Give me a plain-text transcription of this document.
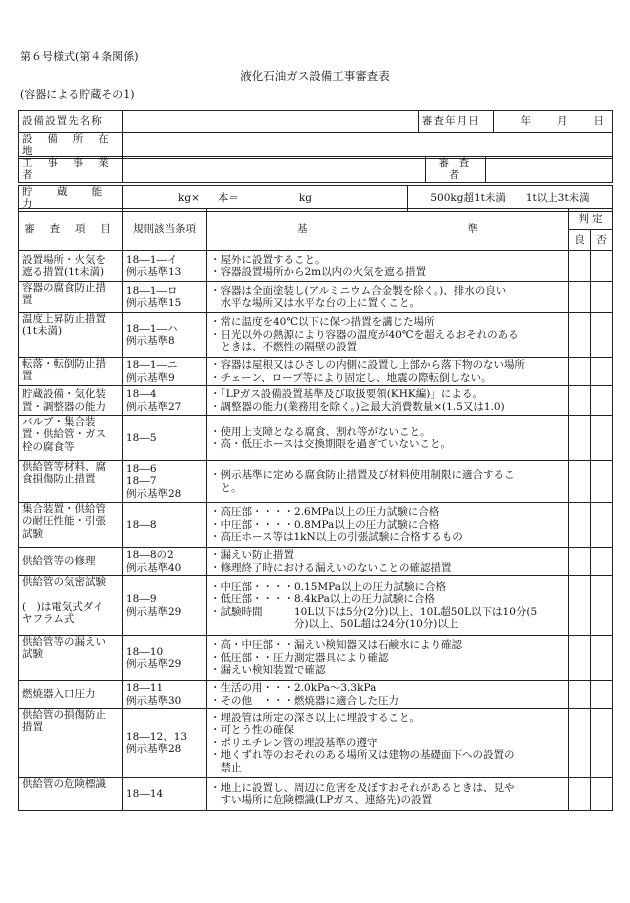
第６号様式(第４条関係)
液化石油ガス設備工事審査表
(容器による貯蔵その1)
設備設置先名称		審査年月日	年 月 日
設 備 所 在 地			
工 事 事 業 者		審 査 者	
貯 蔵 能 力	kg× 本＝	kg	500kg超1t未満 1t以上3t未満
審 査 項 目	規則該当条項	基 準	判 定	
			良	否

設置場所・火気を
遮る措置(1t未満)	18―1―イ
例示基準13	・屋外に設置すること。
・容器設置場所から2m以内の火気を遮る措置		

容器の腐食防止措
置	18―1―ロ
例示基準15	・容器は全面塗装し(アルミニウム合金製を除く。)、排水の良い
　水平な場所又は水平な台の上に置くこと。		

温度上昇防止措置
(1t未満)	18―1―ハ
例示基準8	・常に温度を40℃以下に保つ措置を講じた場所
・日光以外の熱源により容器の温度が40℃を超えるおそれのある
　ときは、不燃性の隔壁の設置		

転落・転倒防止措
置	18―1―ニ
例示基準9	・容器は屋根又はひさしの内側に設置し上部から落下物のない場所
・チェーン、ロープ等により固定し、地震の際転倒しない。		

貯蔵設備・気化装
置・調整器の能力	18―4
例示基準27	・「LPガス設備設置基準及び取扱要領(KHK編)」による。
・調整器の能力(業務用を除く。)≧最大消費数量×(1.5又は1.0)		

バルブ・集合装
置・供給管・ガス
栓の腐食等	18―5	・使用上支障となる腐食、割れ等がないこと。
・高・低圧ホースは交換期限を過ぎていないこと。		

供給管等材料、腐
食損傷防止措置	18―6
18―7
例示基準28	・例示基準に定める腐食防止措置及び材料使用制限に適合するこ
　と。		

集合装置・供給管
の耐圧性能・引張
試験	18―8	・高圧部・・・・2.6MPa以上の圧力試験に合格
・中圧部・・・・0.8MPa以上の圧力試験に合格
・高圧ホース等は1kN以上の引張試験に合格するもの		

供給管等の修理	18―8の2
例示基準40	・漏えい防止措置
・修理終了時における漏えいのないことの確認措置		

供給管の気密試験

(　)は電気式ダイ
ヤフラム式	18―9
例示基準29	・中圧部・・・・0.15MPa以上の圧力試験に合格
・低圧部・・・・8.4kPa以上の圧力試験に合格
・試験時間　　　10L以下は5分(2分)以上、10L超50L以下は10分(5
　　　　　　　　分)以上、50L超は24分(10分)以上		

供給管等の漏えい
試験	18―10
例示基準29	・高・中圧部・・漏えい検知器又は石鹸水により確認
・低圧部・・圧力測定器具により確認
・漏えい検知装置で確認		

燃焼器入口圧力	18―11
例示基準30	・生活の用・・・2.0kPa～3.3kPa
・その他　・・・燃焼器に適合した圧力		

供給管の損傷防止
措置	18―12、13
例示基準28	・埋設管は所定の深さ以上に埋設すること。
・可とう性の確保
・ポリエチレン管の埋設基準の遵守
・地くずれ等のおそれのある場所又は建物の基礎面下への設置の
　禁止		

供給管の危険標識	18―14	・地上に設置し、周辺に危害を及ぼすおそれがあるときは、見や
　すい場所に危険標識(LPガス、連絡先)の設置		
